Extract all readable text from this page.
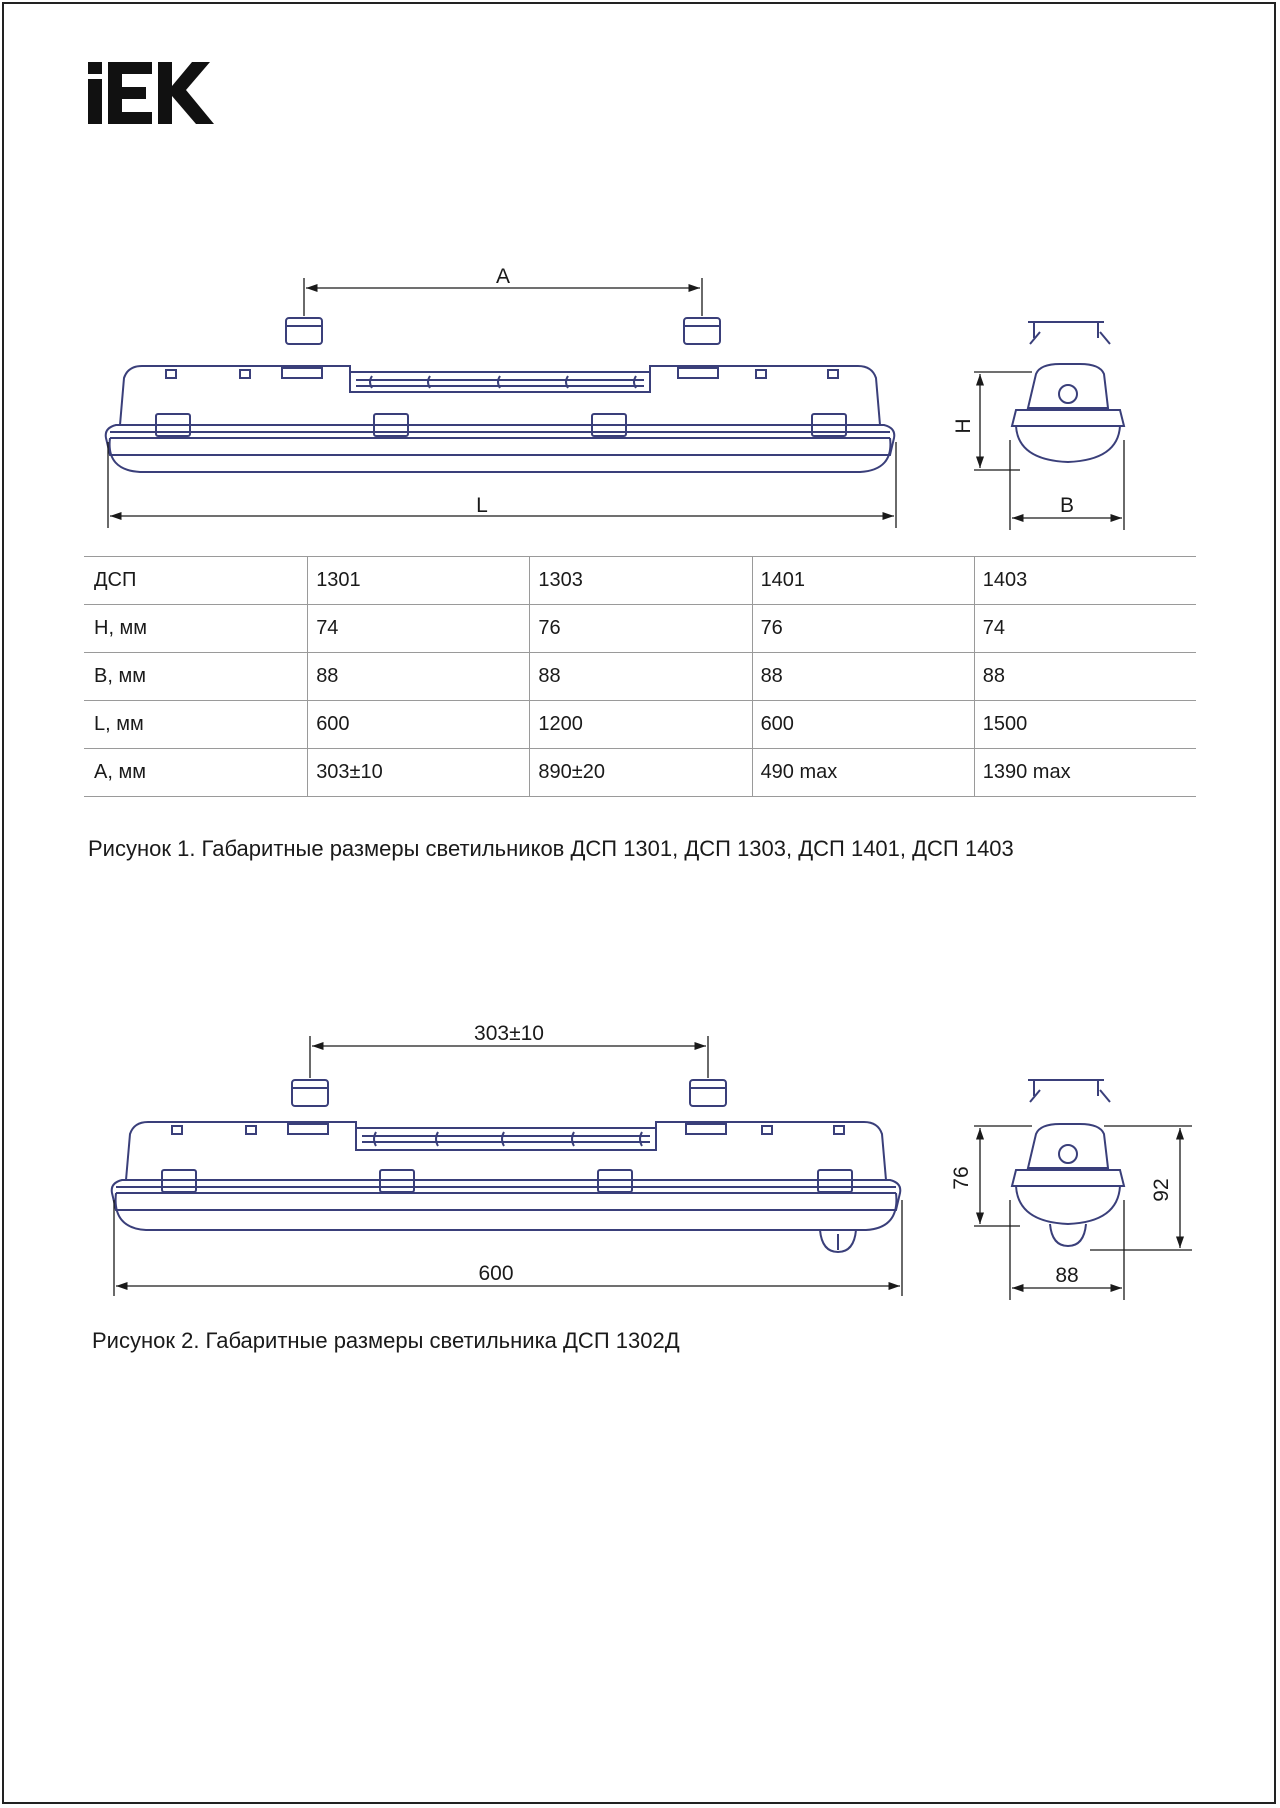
A
L
H
B
303±10
600
76
92
88
ДСП	1301	1303	1401	1403
H, мм	74	76	76	74
B, мм	88	88	88	88
L, мм	600	1200	600	1500
A, мм	303±10	890±20	490 max	1390 max
Рисунок 1. Габаритные размеры светильников ДСП 1301, ДСП 1303, ДСП 1401, ДСП 1403
Рисунок 2. Габаритные размеры светильника ДСП 1302Д
